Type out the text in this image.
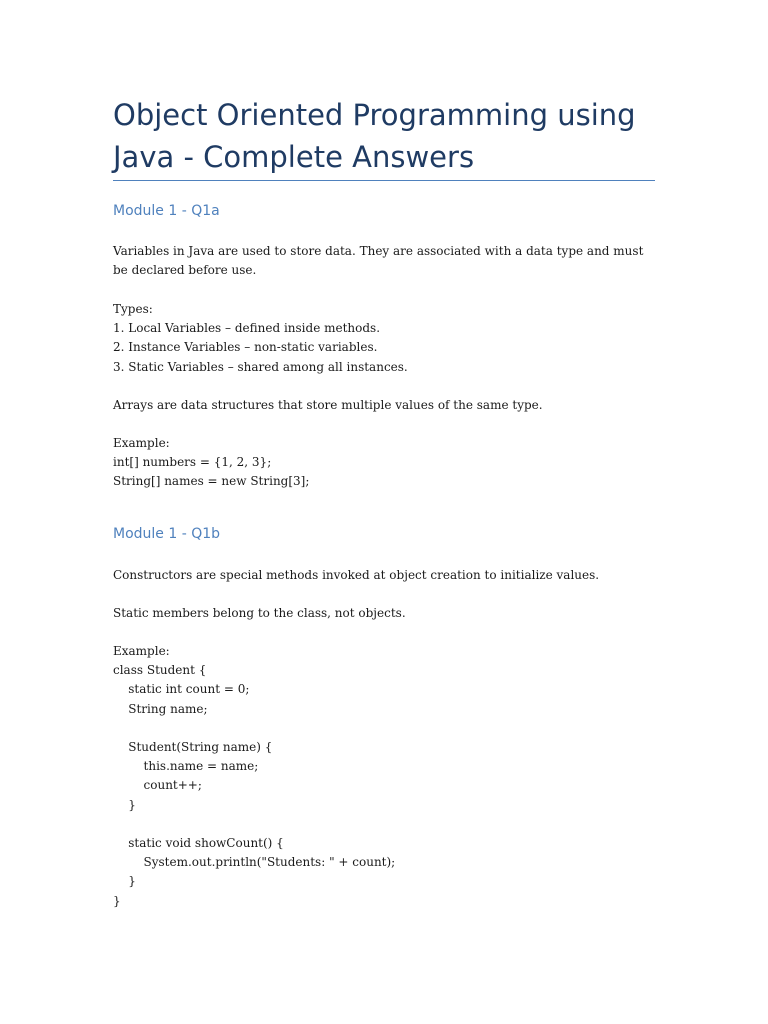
Object Oriented Programming using Java - Complete Answers
Module 1 - Q1a

Variables in Java are used to store data. They are associated with a data type and must be declared before use.

Types:
1. Local Variables – defined inside methods.
2. Instance Variables – non-static variables.
3. Static Variables – shared among all instances.

Arrays are data structures that store multiple values of the same type.

Example:
int[] numbers = {1, 2, 3};
String[] names = new String[3];

Module 1 - Q1b

Constructors are special methods invoked at object creation to initialize values.

Static members belong to the class, not objects.

Example:
class Student {
static int count = 0;
String name;

Student(String name) {
this.name = name;
count++;
}

static void showCount() {
System.out.println("Students: " + count);
}
}
